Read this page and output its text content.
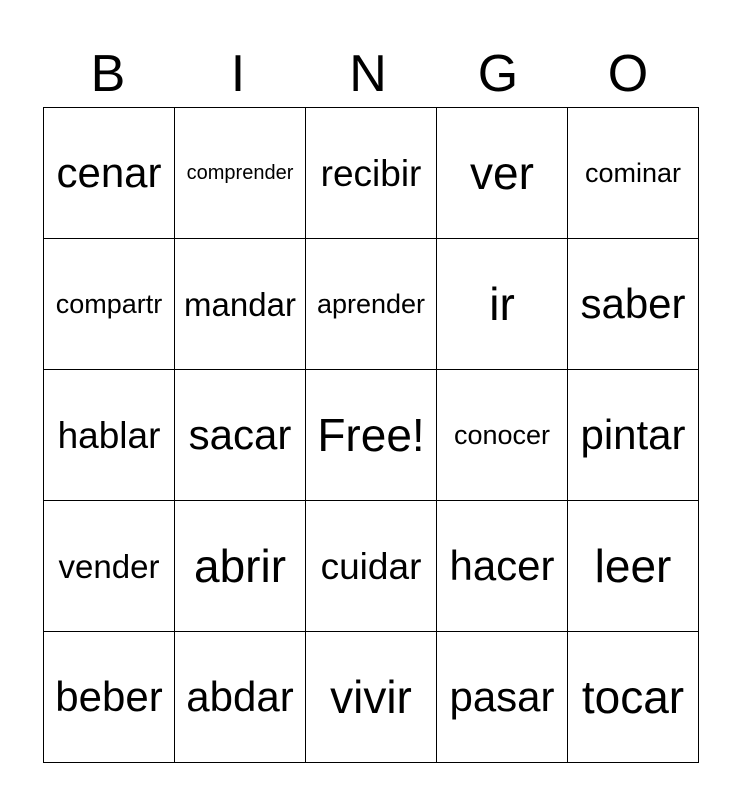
B	I	N	G	O
cenar	comprender	recibir	ver	cominar
compartr	mandar	aprender	ir	saber
hablar	sacar	Free!	conocer	pintar
vender	abrir	cuidar	hacer	leer
beber	abdar	vivir	pasar	tocar
